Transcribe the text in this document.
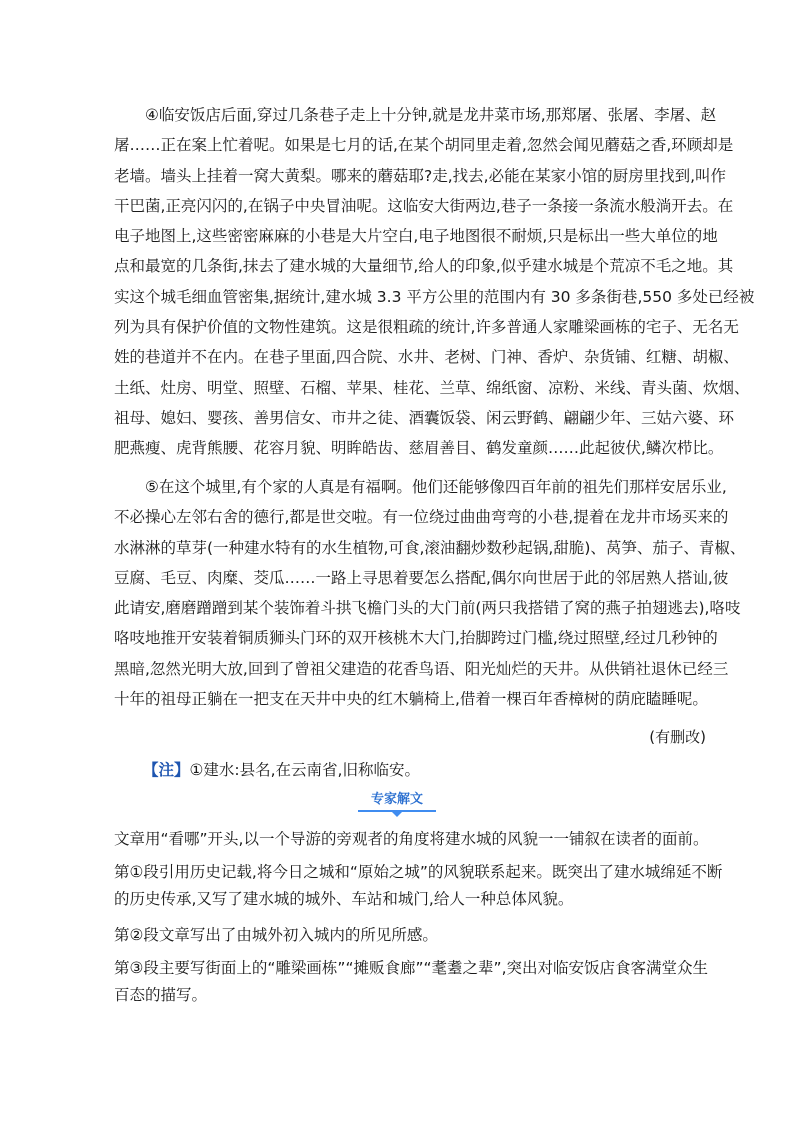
④临安饭店后面,穿过几条巷子走上十分钟,就是龙井菜市场,那郑屠、张屠、李屠、赵
屠……正在案上忙着呢。如果是七月的话,在某个胡同里走着,忽然会闻见蘑菇之香,环顾却是
老墙。墙头上挂着一窝大黄梨。哪来的蘑菇耶?走,找去,必能在某家小馆的厨房里找到,叫作
干巴菌,正亮闪闪的,在锅子中央冒油呢。这临安大街两边,巷子一条接一条流水般淌开去。在
电子地图上,这些密密麻麻的小巷是大片空白,电子地图很不耐烦,只是标出一些大单位的地
点和最宽的几条街,抹去了建水城的大量细节,给人的印象,似乎建水城是个荒凉不毛之地。其
实这个城毛细血管密集,据统计,建水城 3.3 平方公里的范围内有 30 多条街巷,550 多处已经被
列为具有保护价值的文物性建筑。这是很粗疏的统计,许多普通人家雕梁画栋的宅子、无名无
姓的巷道并不在内。在巷子里面,四合院、水井、老树、门神、香炉、杂货铺、红糖、胡椒、
土纸、灶房、明堂、照壁、石榴、苹果、桂花、兰草、绵纸窗、凉粉、米线、青头菌、炊烟、
祖母、媳妇、婴孩、善男信女、市井之徒、酒囊饭袋、闲云野鹤、翩翩少年、三姑六婆、环
肥燕瘦、虎背熊腰、花容月貌、明眸皓齿、慈眉善目、鹤发童颜……此起彼伏,鳞次栉比。
⑤在这个城里,有个家的人真是有福啊。他们还能够像四百年前的祖先们那样安居乐业,
不必操心左邻右舍的德行,都是世交啦。有一位绕过曲曲弯弯的小巷,提着在龙井市场买来的
水淋淋的草芽(一种建水特有的水生植物,可食,滚油翻炒数秒起锅,甜脆)、莴笋、茄子、青椒、
豆腐、毛豆、肉糜、茭瓜……一路上寻思着要怎么搭配,偶尔向世居于此的邻居熟人搭讪,彼
此请安,磨磨蹭蹭到某个装饰着斗拱飞檐门头的大门前(两只我搭错了窝的燕子拍翅逃去),咯吱
咯吱地推开安装着铜质狮头门环的双开核桃木大门,抬脚跨过门槛,绕过照壁,经过几秒钟的
黑暗,忽然光明大放,回到了曾祖父建造的花香鸟语、阳光灿烂的天井。从供销社退休已经三
十年的祖母正躺在一把支在天井中央的红木躺椅上,借着一棵百年香樟树的荫庇瞌睡呢。
(有删改)
【注】①建水:县名,在云南省,旧称临安。
专家解文
文章用“看哪”开头,以一个导游的旁观者的角度将建水城的风貌一一铺叙在读者的面前。
第①段引用历史记载,将今日之城和“原始之城”的风貌联系起来。既突出了建水城绵延不断
的历史传承,又写了建水城的城外、车站和城门,给人一种总体风貌。
第②段文章写出了由城外初入城内的所见所感。
第③段主要写街面上的“雕梁画栋”“摊贩食廊”“耄耋之辈”,突出对临安饭店食客满堂众生
百态的描写。
